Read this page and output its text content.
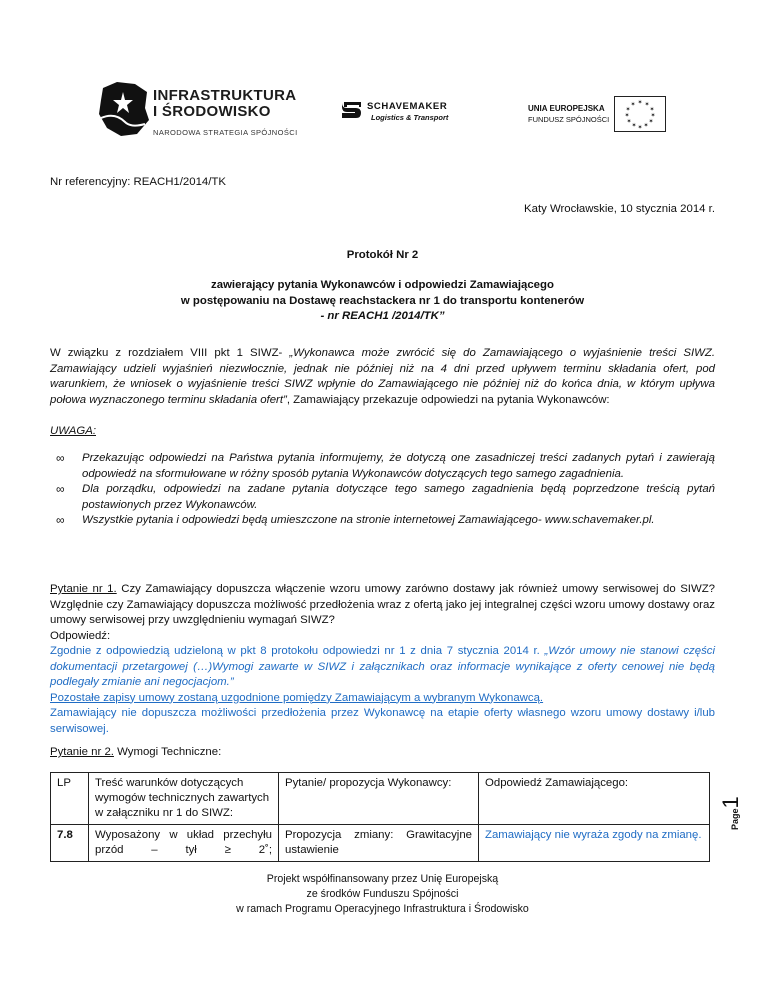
INFRASTRUKTURA
I ŚRODOWISKO
NARODOWA STRATEGIA SPÓJNOŚCI
SCHAVEMAKER
Logistics & Transport
UNIA EUROPEJSKA
FUNDUSZ SPÓJNOŚCI
✶ ✶
✶
✶
✶
✶
✶
✶
✶
✶
✶
✶
Nr referencyjny: REACH1/2014/TK
Katy Wrocławskie, 10 stycznia 2014 r.
Protokół Nr 2
zawierający pytania Wykonawców i odpowiedzi Zamawiającego
w postępowaniu na Dostawę reachstackera nr 1 do transportu kontenerów
- nr REACH1 /2014/TK”
W związku z rozdziałem VIII pkt 1 SIWZ- „Wykonawca może zwrócić się do Zamawiającego o wyjaśnienie treści SIWZ. Zamawiający udzieli wyjaśnień niezwłocznie, jednak nie później niż na 4 dni przed upływem terminu składania ofert, pod warunkiem, że wniosek o wyjaśnienie treści SIWZ wpłynie do Zamawiającego nie później niż do końca dnia, w którym upływa połowa wyznaczonego terminu składania ofert”, Zamawiający przekazuje odpowiedzi na pytania Wykonawców:
UWAGA:
∞ Przekazując odpowiedzi na Państwa pytania informujemy, że dotyczą one zasadniczej treści zadanych pytań i zawierają odpowiedź na sformułowane w różny sposób pytania Wykonawców dotyczących tego samego zagadnienia.
∞ Dla porządku, odpowiedzi na zadane pytania dotyczące tego samego zagadnienia będą poprzedzone treścią pytań postawionych przez Wykonawców.
∞ Wszystkie pytania i odpowiedzi będą umieszczone na stronie internetowej Zamawiającego- www.schavemaker.pl.
Pytanie nr 1. Czy Zamawiający dopuszcza włączenie wzoru umowy zarówno dostawy jak również umowy serwisowej do SIWZ? Względnie czy Zamawiający dopuszcza możliwość przedłożenia wraz z ofertą jako jej integralnej części wzoru umowy dostawy oraz umowy serwisowej przy uwzględnieniu wymagań SIWZ?
Odpowiedź:
Zgodnie z odpowiedzią udzieloną w pkt 8 protokołu odpowiedzi nr 1 z dnia 7 stycznia 2014 r. „Wzór umowy nie stanowi części dokumentacji przetargowej (…)Wymogi zawarte w SIWZ i załącznikach oraz informacje wynikające z oferty cenowej nie będą podlegały zmianie ani negocjacjom.”
Pozostałe zapisy umowy zostaną uzgodnione pomiędzy Zamawiającym a wybranym Wykonawcą.
Zamawiający nie dopuszcza możliwości przedłożenia przez Wykonawcę na etapie oferty własnego wzoru umowy dostawy i/lub serwisowej.
Pytanie nr 2. Wymogi Techniczne:
LP	Treść warunków dotyczących wymogów technicznych zawartych w załączniku nr 1 do SIWZ:	Pytanie/ propozycja Wykonawcy:	Odpowiedź Zamawiającego:
7.8	Wyposażony w układ przechyłu przód – tył ≥ 2˚;	Propozycja zmiany: Grawitacyjne ustawienie	Zamawiający nie wyraża zgody na zmianę.
Page1
Projekt współfinansowany przez Unię Europejską
ze środków Funduszu Spójności
w ramach Programu Operacyjnego Infrastruktura i Środowisko
